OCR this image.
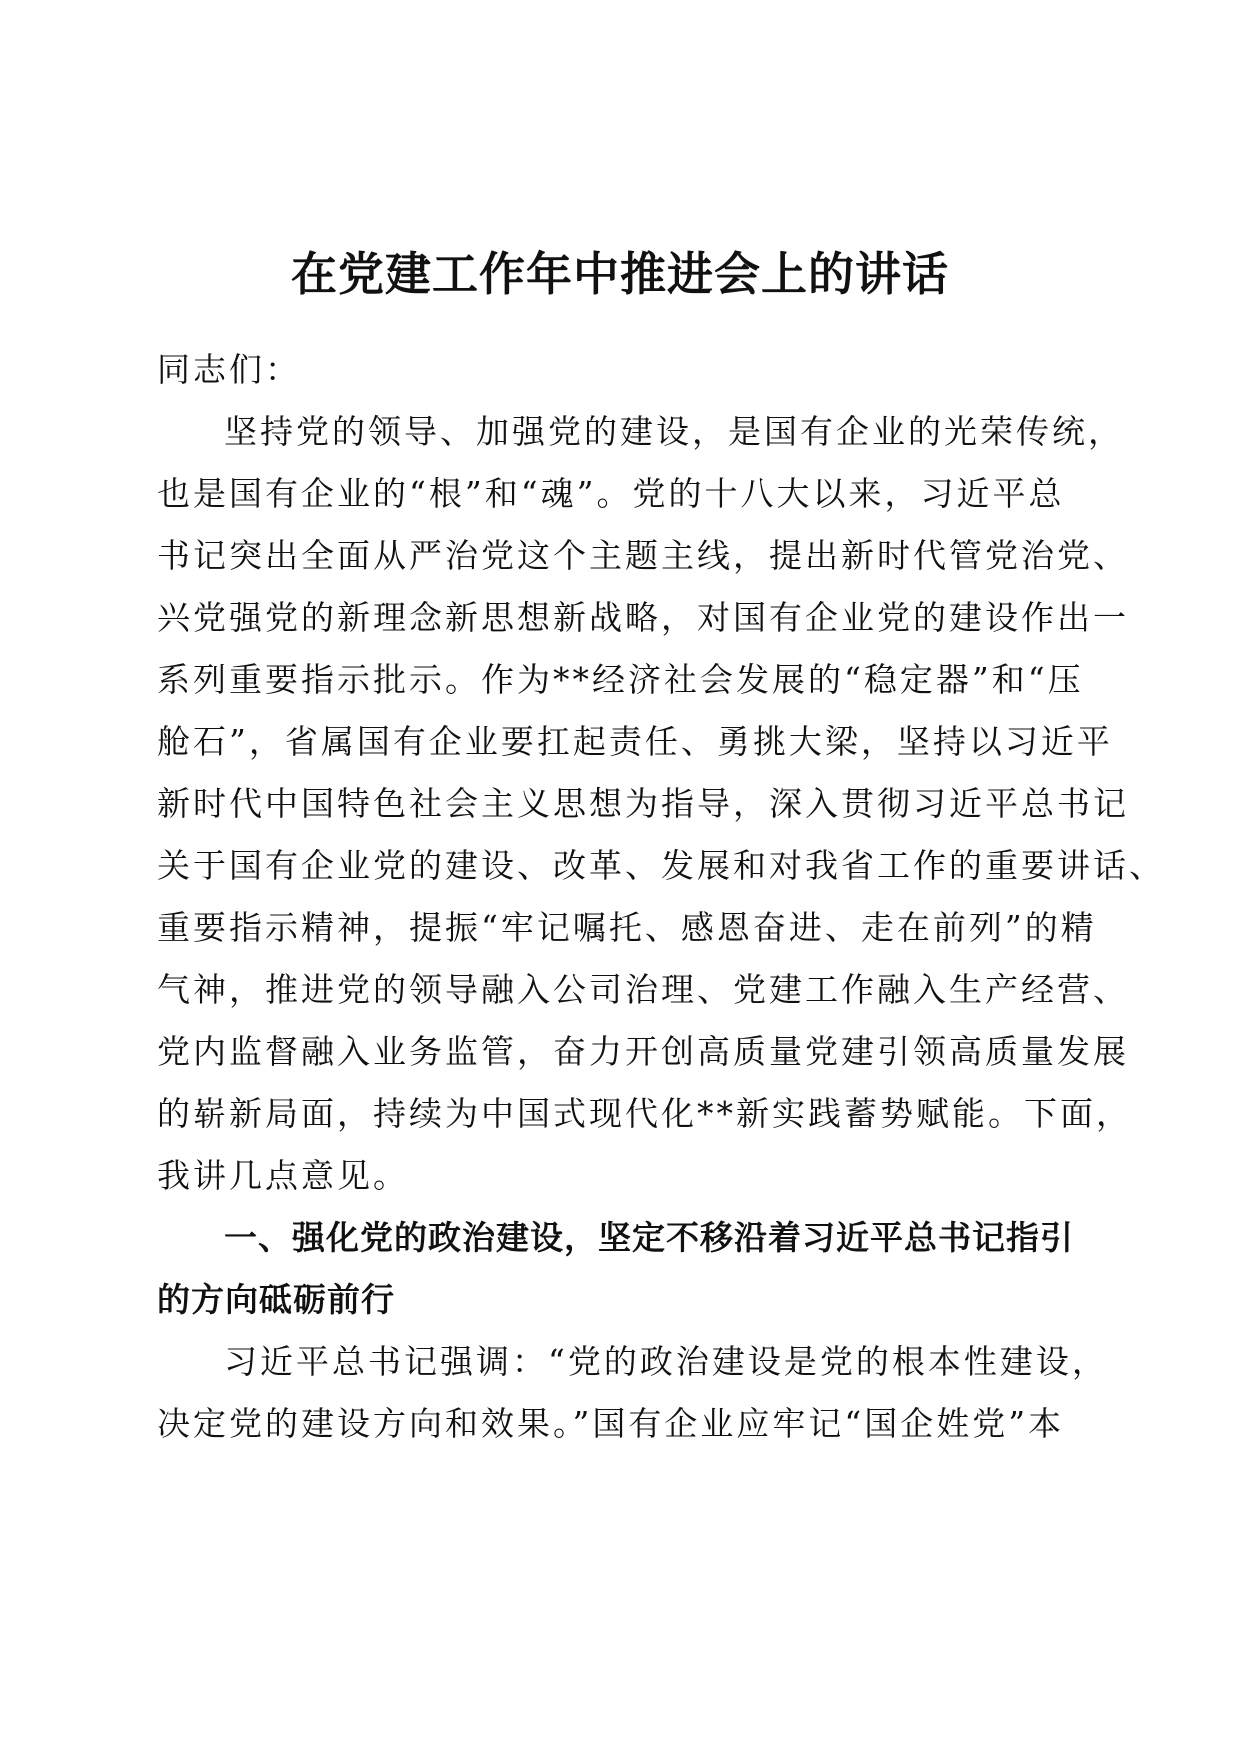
在党建工作年中推进会上的讲话
同志们：
坚持党的领导、加强党的建设，是国有企业的光荣传统，
也是国有企业的“根”和“魂”。党的十八大以来，习近平总
书记突出全面从严治党这个主题主线，提出新时代管党治党、
兴党强党的新理念新思想新战略，对国有企业党的建设作出一
系列重要指示批示。作为**经济社会发展的“稳定器”和“压
舱石”，省属国有企业要扛起责任、勇挑大梁，坚持以习近平
新时代中国特色社会主义思想为指导，深入贯彻习近平总书记
关于国有企业党的建设、改革、发展和对我省工作的重要讲话、
重要指示精神，提振“牢记嘱托、感恩奋进、走在前列”的精
气神，推进党的领导融入公司治理、党建工作融入生产经营、
党内监督融入业务监管，奋力开创高质量党建引领高质量发展
的崭新局面，持续为中国式现代化**新实践蓄势赋能。下面，
我讲几点意见。
一、强化党的政治建设，坚定不移沿着习近平总书记指引
的方向砥砺前行
习近平总书记强调：“党的政治建设是党的根本性建设，
决定党的建设方向和效果。”国有企业应牢记“国企姓党”本
